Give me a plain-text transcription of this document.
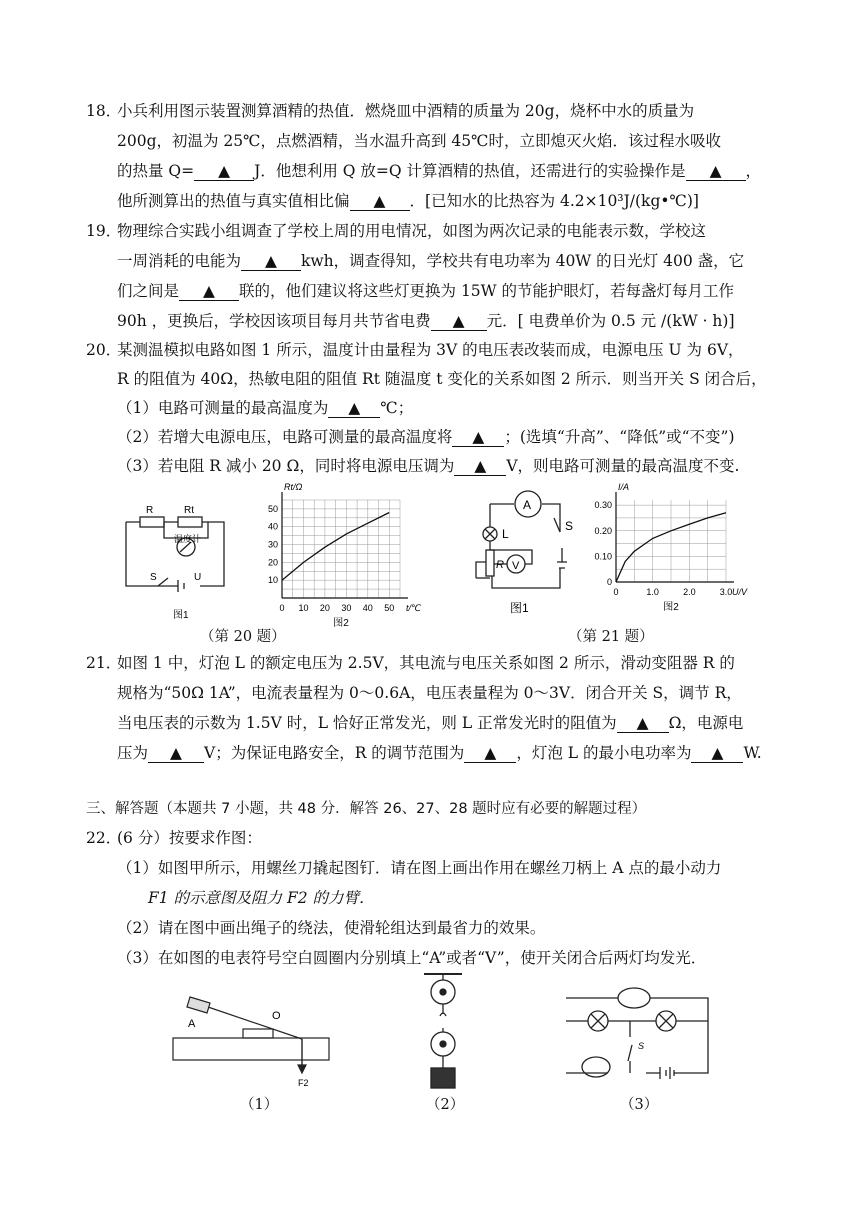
18．
小兵利用图示装置测算酒精的热值．燃烧皿中酒精的质量为 20g，烧杯中水的质量为
200g，初温为 25℃，点燃酒精，当水温升高到 45℃时，立即熄灭火焰．该过程水吸收
的热量 Q= ▲ J．他想利用 Q 放=Q 计算酒精的热值，还需进行的实验操作是 ▲ ，
他所测算出的热值与真实值相比偏 ▲ ．[已知水的比热容为 4.2×10³J/(kg•℃)]
19．
物理综合实践小组调查了学校上周的用电情况，如图为两次记录的电能表示数，学校这
一周消耗的电能为 ▲ kwh，调查得知，学校共有电功率为 40W 的日光灯 400 盏，它
们之间是 ▲ 联的，他们建议将这些灯更换为 15W 的节能护眼灯，若每盏灯每月工作
90h ，更换后，学校因该项目每月共节省电费 ▲ 元．[ 电费单价为 0.5 元 /(kW · h)]
20．
某测温模拟电路如图 1 所示，温度计由量程为 3V 的电压表改装而成，电源电压 U 为 6V，
R 的阻值为 40Ω，热敏电阻的阻值 Rt 随温度 t 变化的关系如图 2 所示．则当开关 S 闭合后，
（1）电路可测量的最高温度为 ▲ ℃；
（2）若增大电源电压，电路可测量的最高温度将 ▲ ；(选填“升高”、“降低”或“不变”)
（3）若电阻 R 减小 20 Ω，同时将电源电压调为 ▲ V，则电路可测量的最高温度不变.
R	Rt
温度计
S	U
图1
0 10 20 30 40 50
10
20
30
40
50
t/℃
Rt/Ω
图2
（第 20 题）
A
L
S
R V
图1
0	1.0	2.0	3.0
0
0.10
0.20
0.30
U/V
I/A
图2
（第 21 题）
21．
如图 1 中，灯泡 L 的额定电压为 2.5V，其电流与电压关系如图 2 所示，滑动变阻器 R 的
规格为“50Ω 1A”，电流表量程为 0～0.6A，电压表量程为 0～3V．闭合开关 S，调节 R，
当电压表的示数为 1.5V 时，L 恰好正常发光，则 L 正常发光时的阻值为 ▲ Ω，电源电
压为 ▲ V；为保证电路安全，R 的调节范围为 ▲ ，灯泡 L 的最小电功率为 ▲ W.
三、解答题（本题共 7 小题，共 48 分．解答 26、27、28 题时应有必要的解题过程）
22．
(6 分）按要求作图：
（1）如图甲所示，用螺丝刀撬起图钉．请在图上画出作用在螺丝刀柄上 A 点的最小动力
F1 的示意图及阻力 F2 的力臂．
（2）请在图中画出绳子的绕法，使滑轮组达到最省力的效果。
（3）在如图的电表符号空白圆圈内分别填上“A”或者“V”，使开关闭合后两灯均发光．
A
O
F2
S
（1）	（2）	（3）
